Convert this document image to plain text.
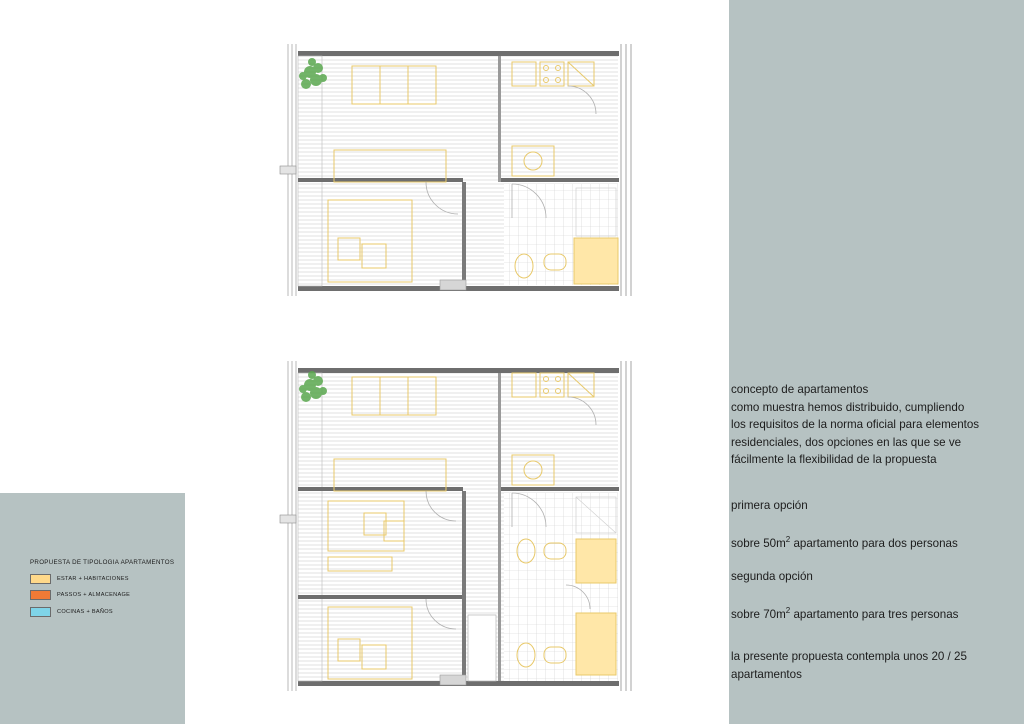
concepto de apartamentos
como muestra hemos distribuido, cumpliendo los requisitos de la norma oficial para elementos residenciales, dos opciones en las que se ve fácilmente la flexibilidad de la propuesta
primera opción
sobre $50m^2$ apartamento para dos personas
segunda opción
sobre $70m^2$ apartamento para tres personas
la presente propuesta contempla unos 20 / 25 apartamentos
PROPUESTA DE TIPOLOGIA APARTAMENTOS
ESTAR + HABITACIONES
PASSOS + ALMACENAGE
COCINAS + BAÑOS
